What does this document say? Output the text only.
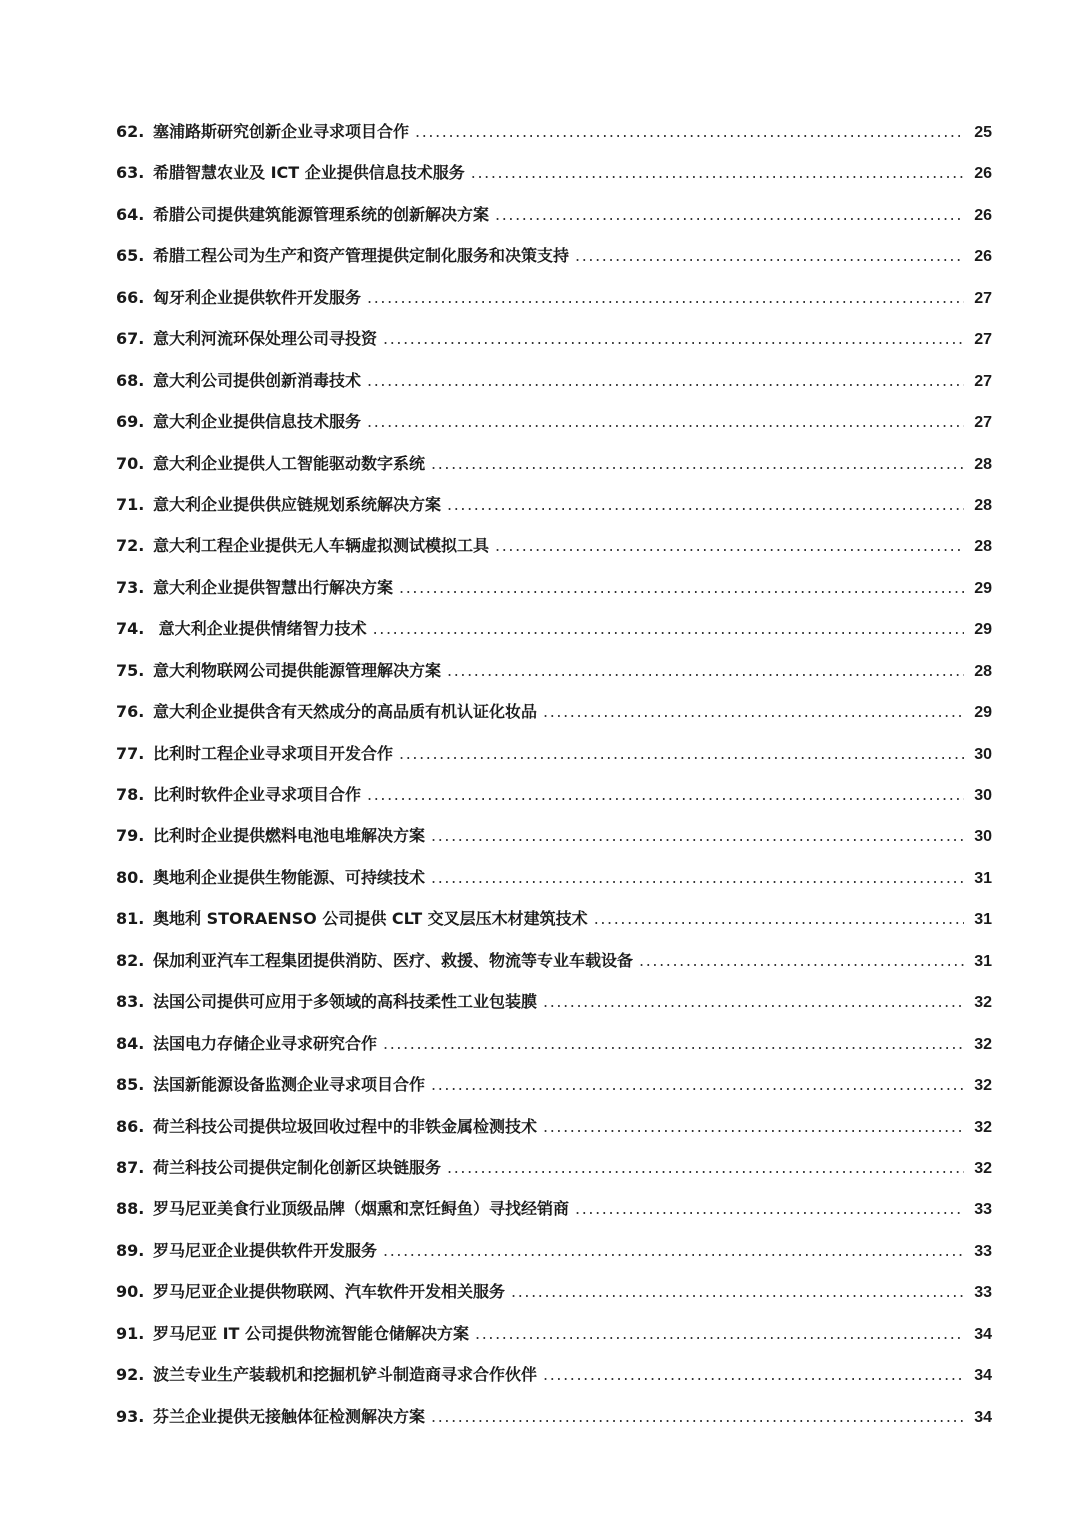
62. 塞浦路斯研究创新企业寻求项目合作 .....	25
63. 希腊智慧农业及 ICT 企业提供信息技术服务 .....	26
64. 希腊公司提供建筑能源管理系统的创新解决方案 .....	26
65. 希腊工程公司为生产和资产管理提供定制化服务和决策支持 .....	26
66. 匈牙利企业提供软件开发服务 .....	27
67. 意大利河流环保处理公司寻投资 .....	27
68. 意大利公司提供创新消毒技术 .....	27
69. 意大利企业提供信息技术服务 .....	27
70. 意大利企业提供人工智能驱动数字系统 .....	28
71. 意大利企业提供供应链规划系统解决方案 .....	28
72. 意大利工程企业提供无人车辆虚拟测试模拟工具 .....	28
73. 意大利企业提供智慧出行解决方案 .....	29
74. 意大利企业提供情绪智力技术 .....	29
75. 意大利物联网公司提供能源管理解决方案 .....	28
76. 意大利企业提供含有天然成分的高品质有机认证化妆品 .....	29
77. 比利时工程企业寻求项目开发合作 .....	30
78. 比利时软件企业寻求项目合作 .....	30
79. 比利时企业提供燃料电池电堆解决方案 .....	30
80. 奥地利企业提供生物能源、可持续技术 .....	31
81. 奥地利 STORAENSO 公司提供 CLT 交叉层压木材建筑技术 .....	31
82. 保加利亚汽车工程集团提供消防、医疗、救援、物流等专业车载设备 .....	31
83. 法国公司提供可应用于多领域的高科技柔性工业包装膜 .....	32
84. 法国电力存储企业寻求研究合作 .....	32
85. 法国新能源设备监测企业寻求项目合作 .....	32
86. 荷兰科技公司提供垃圾回收过程中的非铁金属检测技术 .....	32
87. 荷兰科技公司提供定制化创新区块链服务 .....	32
88. 罗马尼亚美食行业顶级品牌（烟熏和烹饪鲟鱼）寻找经销商 .....	33
89. 罗马尼亚企业提供软件开发服务 .....	33
90. 罗马尼亚企业提供物联网、汽车软件开发相关服务 .....	33
91. 罗马尼亚 IT 公司提供物流智能仓储解决方案 .....	34
92. 波兰专业生产装载机和挖掘机铲斗制造商寻求合作伙伴 .....	34
93. 芬兰企业提供无接触体征检测解决方案 .....	34
